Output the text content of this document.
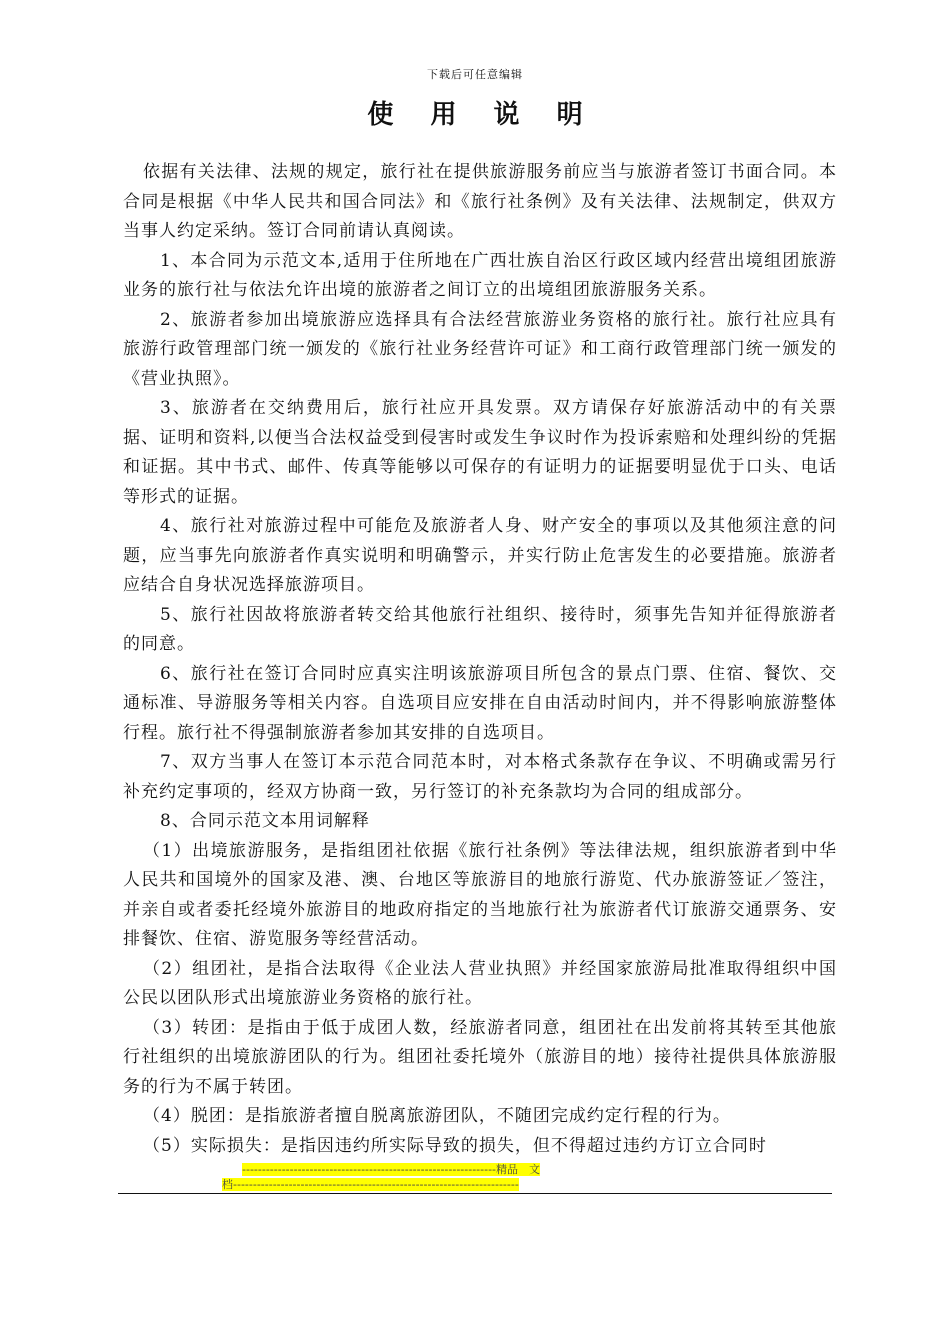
下载后可任意编辑
使 用 说 明

依据有关法律、法规的规定，旅行社在提供旅游服务前应当与旅游者签订书面合同。本合同是根据《中华人民共和国合同法》和《旅行社条例》及有关法律、法规制定，供双方当事人约定采纳。签订合同前请认真阅读。

1、本合同为示范文本,适用于住所地在广西壮族自治区行政区域内经营出境组团旅游业务的旅行社与依法允许出境的旅游者之间订立的出境组团旅游服务关系。

2、旅游者参加出境旅游应选择具有合法经营旅游业务资格的旅行社。旅行社应具有旅游行政管理部门统一颁发的《旅行社业务经营许可证》和工商行政管理部门统一颁发的《营业执照》。

3、旅游者在交纳费用后，旅行社应开具发票。双方请保存好旅游活动中的有关票据、证明和资料,以便当合法权益受到侵害时或发生争议时作为投诉索赔和处理纠纷的凭据和证据。其中书式、邮件、传真等能够以可保存的有证明力的证据要明显优于口头、电话等形式的证据。

4、旅行社对旅游过程中可能危及旅游者人身、财产安全的事项以及其他须注意的问题，应当事先向旅游者作真实说明和明确警示，并实行防止危害发生的必要措施。旅游者应结合自身状况选择旅游项目。

5、旅行社因故将旅游者转交给其他旅行社组织、接待时，须事先告知并征得旅游者的同意。

6、旅行社在签订合同时应真实注明该旅游项目所包含的景点门票、住宿、餐饮、交通标准、导游服务等相关内容。自选项目应安排在自由活动时间内，并不得影响旅游整体行程。旅行社不得强制旅游者参加其安排的自选项目。

7、双方当事人在签订本示范合同范本时，对本格式条款存在争议、不明确或需另行补充约定事项的，经双方协商一致，另行签订的补充条款均为合同的组成部分。

8、合同示范文本用词解释

（1）出境旅游服务，是指组团社依据《旅行社条例》等法律法规，组织旅游者到中华人民共和国境外的国家及港、澳、台地区等旅游目的地旅行游览、代办旅游签证／签注，并亲自或者委托经境外旅游目的地政府指定的当地旅行社为旅游者代订旅游交通票务、安排餐饮、住宿、游览服务等经营活动。

（2）组团社，是指合法取得《企业法人营业执照》并经国家旅游局批准取得组织中国公民以团队形式出境旅游业务资格的旅行社。

（3）转团：是指由于低于成团人数，经旅游者同意，组团社在出发前将其转至其他旅行社组织的出境旅游团队的行为。组团社委托境外（旅游目的地）接待社提供具体旅游服务的行为不属于转团。

（4）脱团：是指旅游者擅自脱离旅游团队，不随团完成约定行程的行为。

（5）实际损失：是指因违约所实际导致的损失，但不得超过违约方订立合同时

----------------------------------------------------------------精品　文
档------------------------------------------------------------------------
